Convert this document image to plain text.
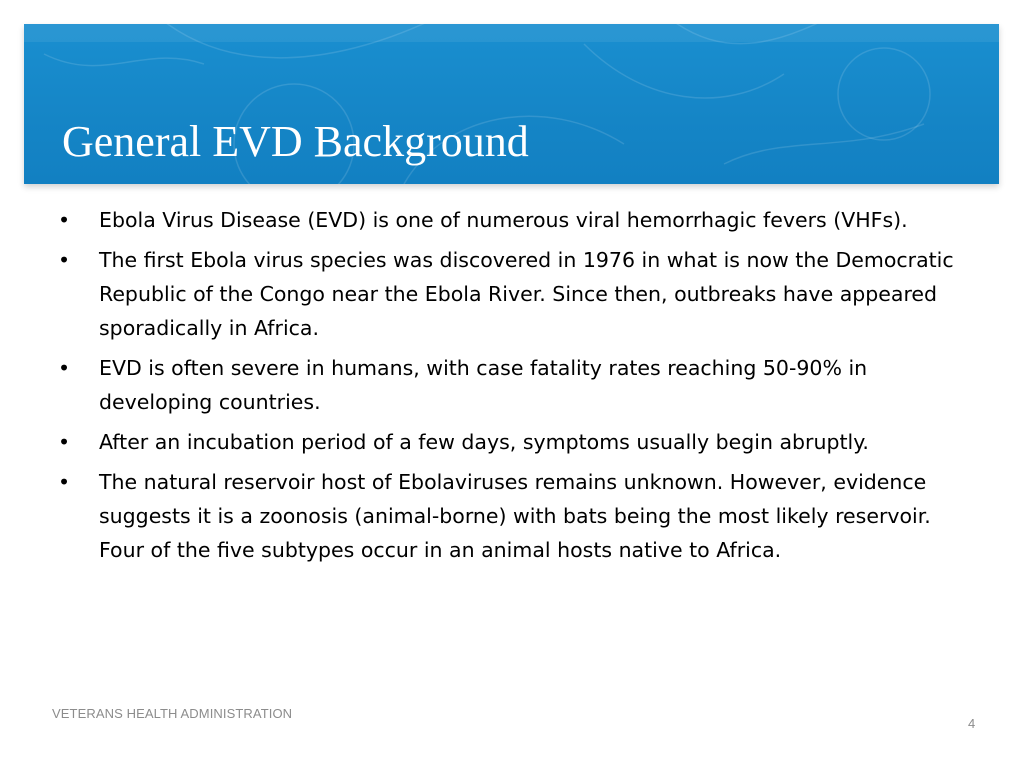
General EVD Background
• Ebola Virus Disease (EVD) is one of numerous viral hemorrhagic fevers (VHFs).
• The first Ebola virus species was discovered in 1976 in what is now the Democratic Republic of the Congo near the Ebola River. Since then, outbreaks have appeared sporadically in Africa.
• EVD is often severe in humans, with case fatality rates reaching 50-90% in developing countries.
• After an incubation period of a few days, symptoms usually begin abruptly.
• The natural reservoir host of Ebolaviruses remains unknown. However, evidence suggests it is a zoonosis (animal-borne) with bats being the most likely reservoir. Four of the five subtypes occur in an animal hosts native to Africa.
VETERANS HEALTH ADMINISTRATION
4
